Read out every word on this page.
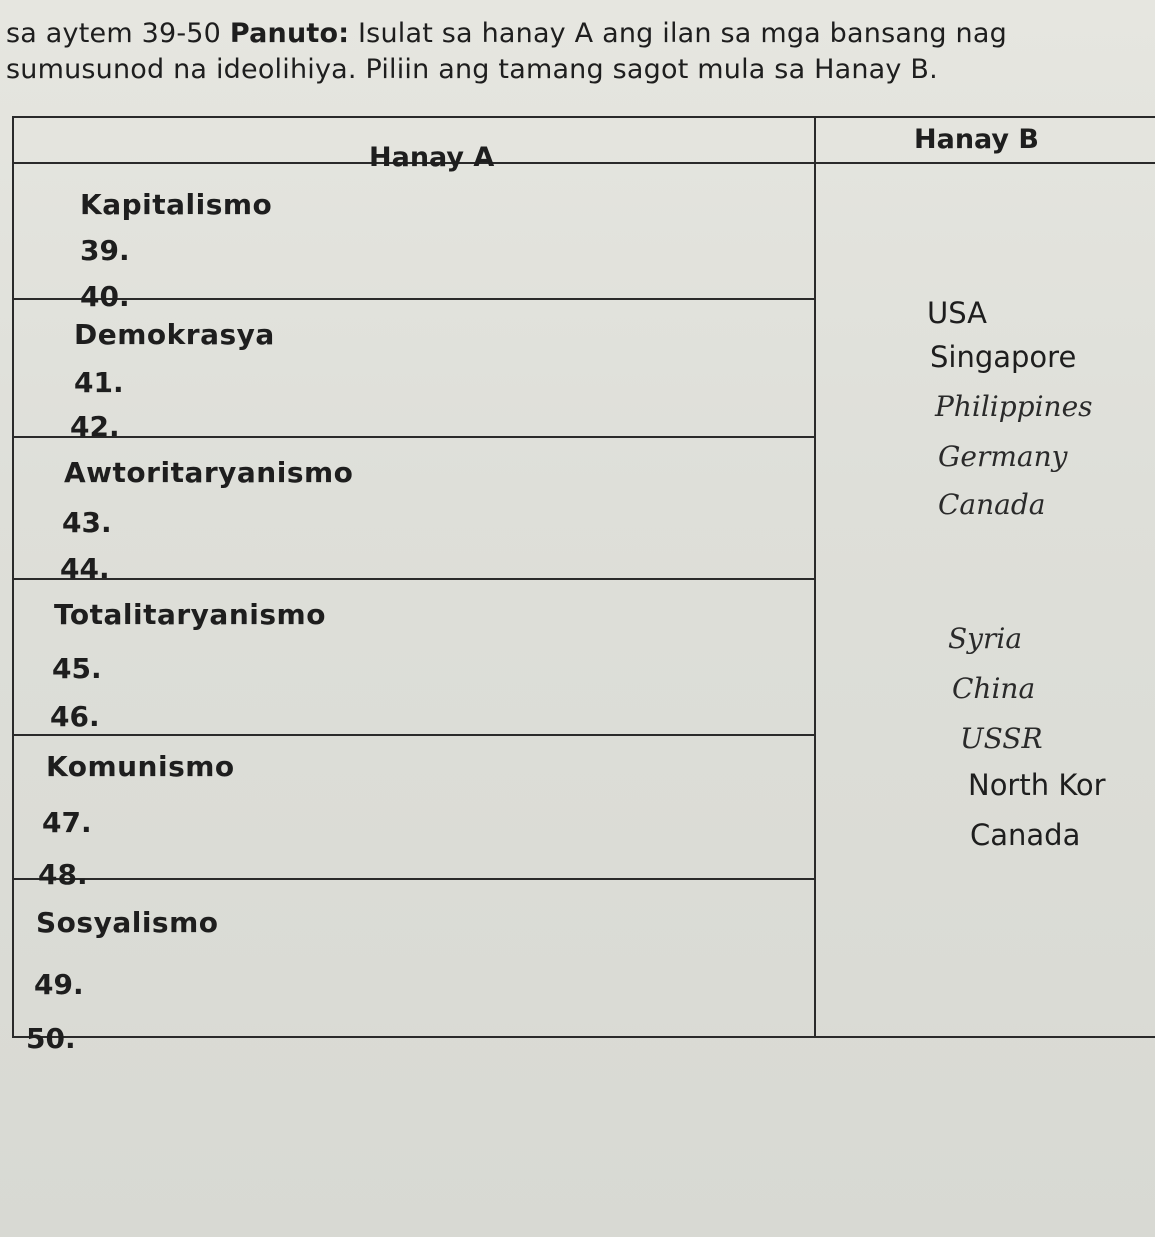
sa aytem 39-50 Panuto: Isulat sa hanay A ang ilan sa mga bansang nag
sumusunod na ideolihiya. Piliin ang tamang sagot mula sa Hanay B.
Hanay A
Hanay B
Kapitalismo
39.
40.
Demokrasya
41.
42.
Awtoritaryanismo
43.
44.
Totalitaryanismo
45.
46.
Komunismo
47.
48.
Sosyalismo
49.
50.
USA
Singapore
Philippines
Germany
Canada
Syria
China
USSR
North Kor
Canada
